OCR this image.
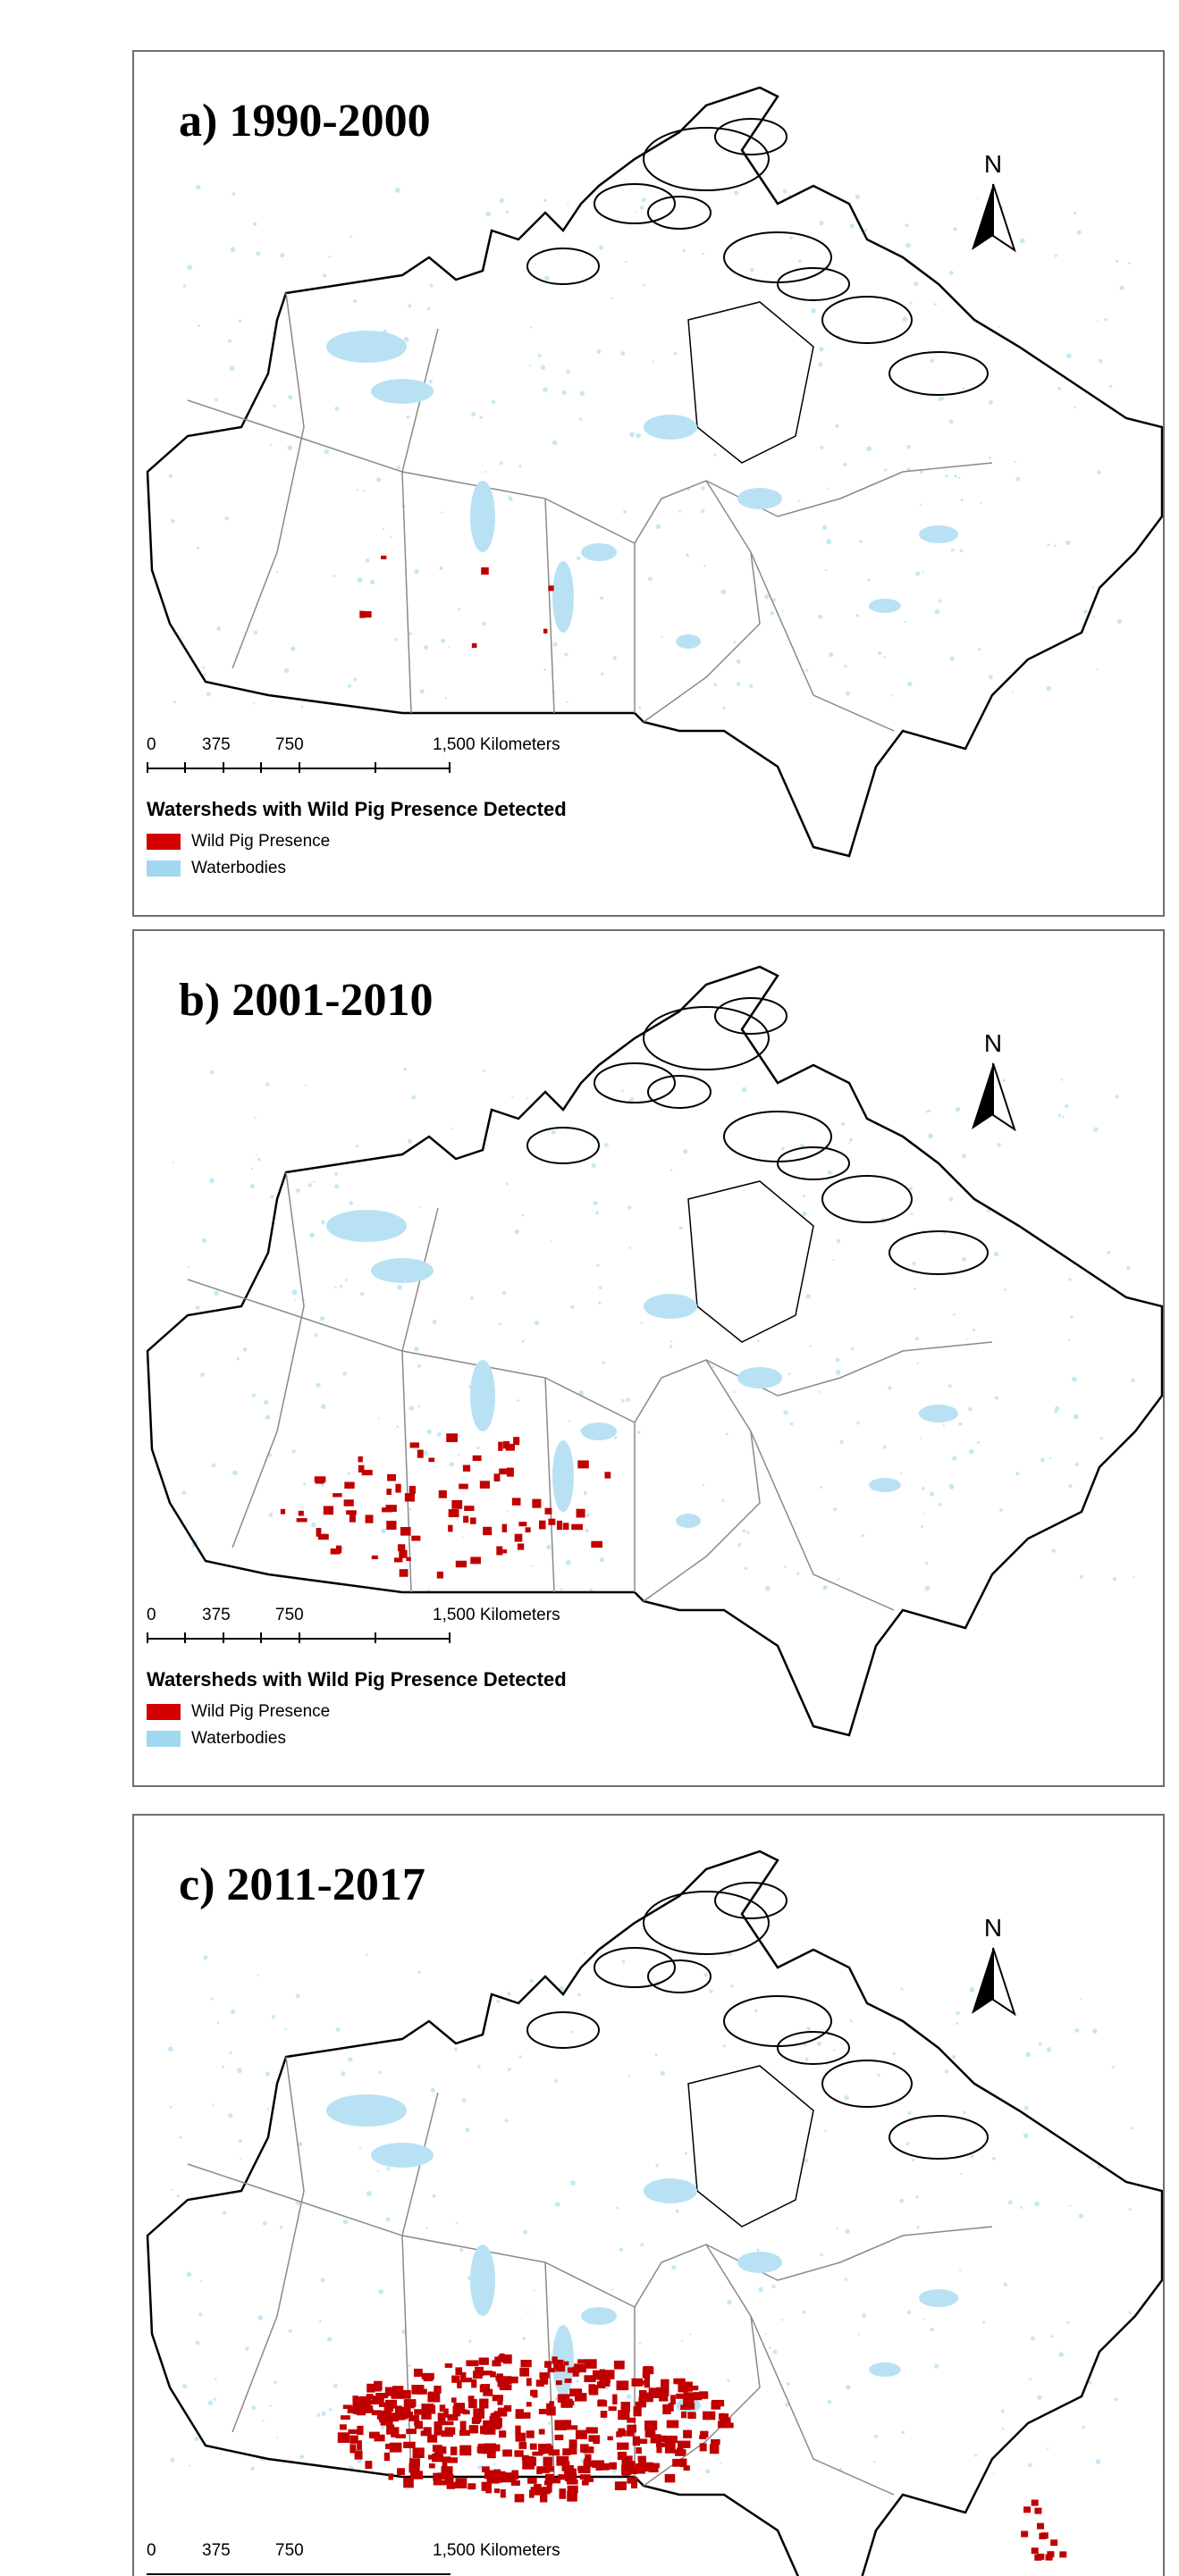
a) 1990-2000
N
0	375	750	1,500 Kilometers
Watersheds with Wild Pig Presence Detected
Wild Pig Presence
Waterbodies
b) 2001-2010
N
0	375	750	1,500 Kilometers
Watersheds with Wild Pig Presence Detected
Wild Pig Presence
Waterbodies
c) 2011-2017
N
0	375	750	1,500 Kilometers
